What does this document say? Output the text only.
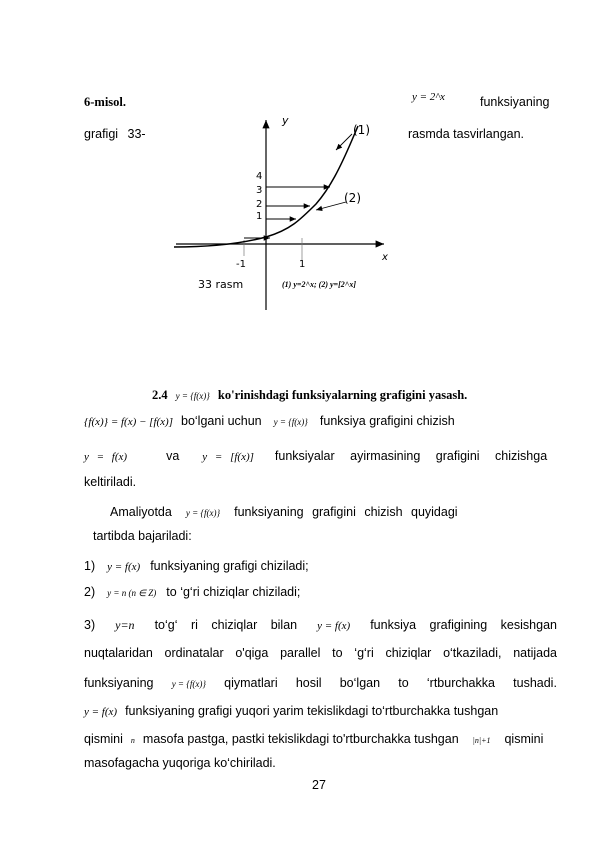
6-misol.	y = 2^x	funksiyaning
grafigi 33-	rasmda tasvirlangan.
x
y
1
2
3
4
-1	1
(1)
(2)
33 rasm	(1) y=2^x; (2) y=[2^x]
2.4 y = {f(x)} ko'rinishdagi funksiyalarning grafigini yasash.
{f(x)} = f(x) − [f(x)] bo‘lgani uchun y = {f(x)} funksiya grafigini chizish
y = f(x)	va y = [f(x)] funksiyalar ayirmasining grafigini chizishga
keltiriladi.
Amaliyotda y = {f(x)} funksiyaning grafigini chizish quyidagi
tartibda bajariladi:
1) y = f(x) funksiyaning grafigi chiziladi;
2) y = n (n ∈ Z) to ‘g‘ri chiziqlar chiziladi;
3) y=n to‘g‘ ri chiziqlar bilan y = f(x) funksiya grafigining kesishgan
nuqtalaridan ordinatalar o'qiga parallel to ‘g‘ri chiziqlar o‘tkaziladi, natijada
funksiyaning y = {f(x)} qiymatlari hosil bo‘lgan to ‘rtburchakka tushadi.
y = f(x) funksiyaning grafigi yuqori yarim tekislikdagi to‘rtburchakka tushgan
qismini n masofa pastga, pastki tekislikdagi to'rtburchakka tushgan |n|+1 qismini
masofagacha yuqoriga ko‘chiriladi.
27
